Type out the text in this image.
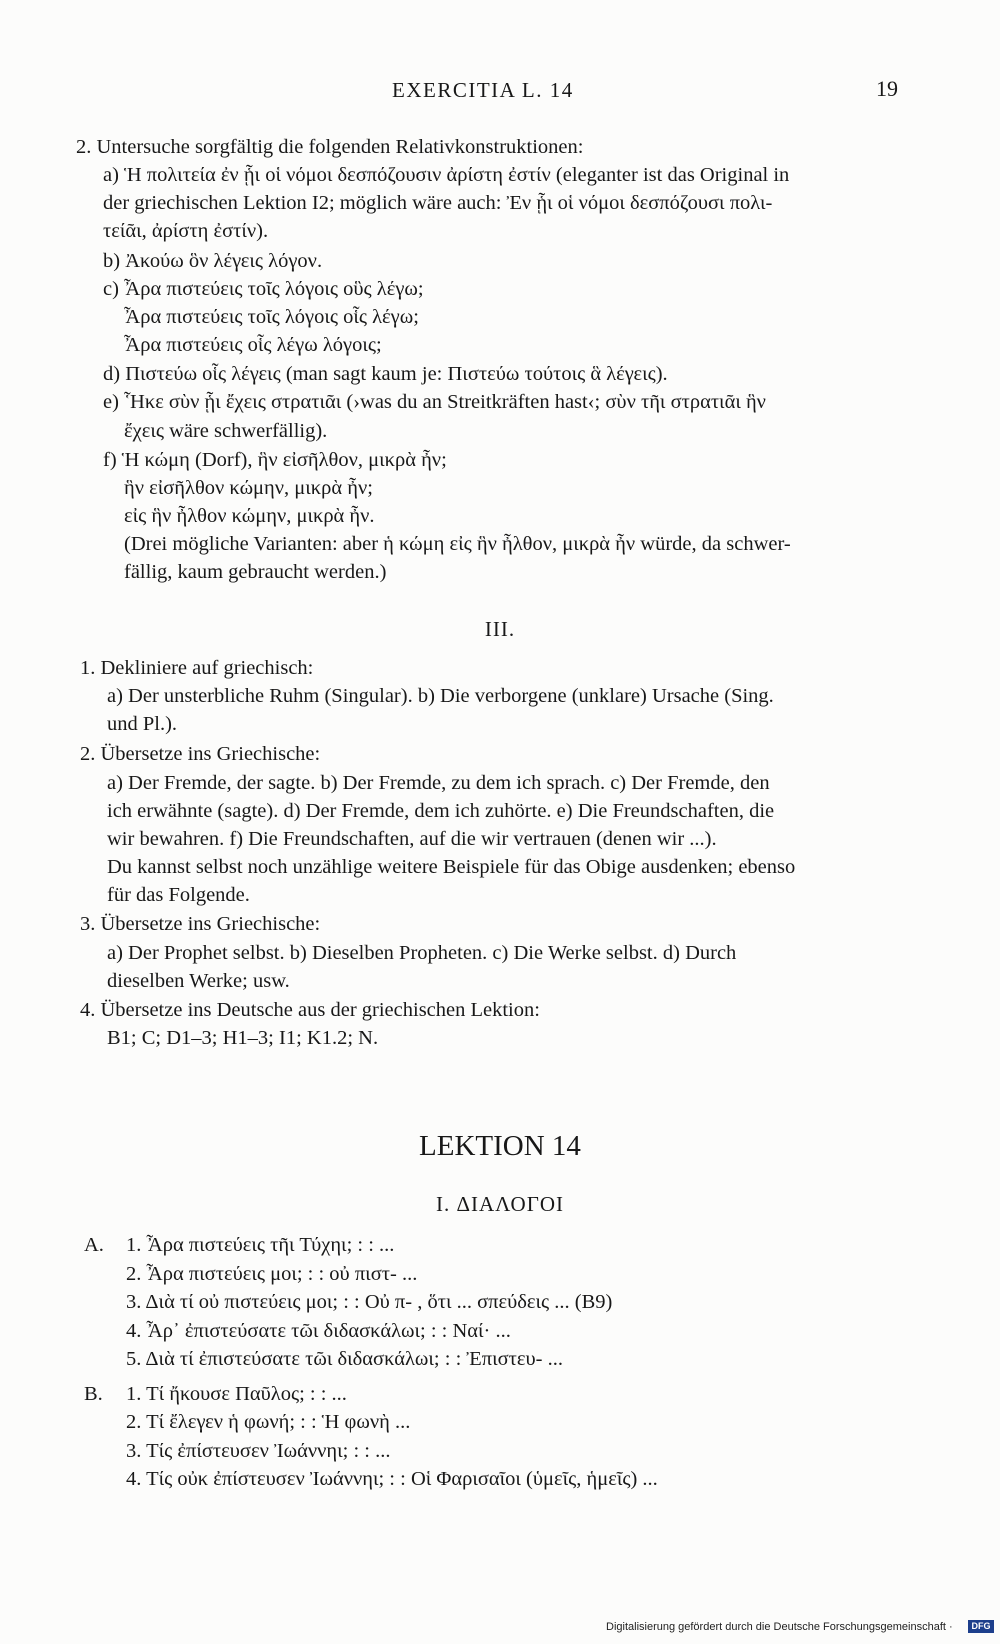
EXERCITIA L. 14	19
2. Untersuche sorgfältig die folgenden Relativkonstruktionen:
a) Ἡ πολιτεία ἐν ᾗι οἱ νόμοι δεσπόζουσιν ἀρίστη ἐστίν (eleganter ist das Original in
der griechischen Lektion I2; möglich wäre auch: Ἐν ᾗι οἱ νόμοι δεσπόζουσι πολι-
τείᾶι, ἀρίστη ἐστίν).
b) Ἀκούω ὃν λέγεις λόγον.
c) Ἆρα πιστεύεις τοῖς λόγοις οὓς λέγω;
Ἆρα πιστεύεις τοῖς λόγοις οἷς λέγω;
Ἆρα πιστεύεις οἷς λέγω λόγοις;
d) Πιστεύω οἷς λέγεις (man sagt kaum je: Πιστεύω τούτοις ἃ λέγεις).
e) Ἧκε σὺν ᾗι ἔχεις στρατιᾶι (›was du an Streitkräften hast‹; σὺν τῆι στρατιᾶι ἣν
ἔχεις wäre schwerfällig).
f) Ἡ κώμη (Dorf), ἣν εἰσῆλθον, μικρὰ ἦν;
ἣν εἰσῆλθον κώμην, μικρὰ ἦν;
εἰς ἣν ἦλθον κώμην, μικρὰ ἦν.
(Drei mögliche Varianten: aber ἡ κώμη εἰς ἣν ἦλθον, μικρὰ ἦν würde, da schwer-
fällig, kaum gebraucht werden.)
III.
1. Dekliniere auf griechisch:
a) Der unsterbliche Ruhm (Singular). b) Die verborgene (unklare) Ursache (Sing.
und Pl.).
2. Übersetze ins Griechische:
a) Der Fremde, der sagte. b) Der Fremde, zu dem ich sprach. c) Der Fremde, den
ich erwähnte (sagte). d) Der Fremde, dem ich zuhörte. e) Die Freundschaften, die
wir bewahren. f) Die Freundschaften, auf die wir vertrauen (denen wir ...).
Du kannst selbst noch unzählige weitere Beispiele für das Obige ausdenken; ebenso
für das Folgende.
3. Übersetze ins Griechische:
a) Der Prophet selbst. b) Dieselben Propheten. c) Die Werke selbst. d) Durch
dieselben Werke; usw.
4. Übersetze ins Deutsche aus der griechischen Lektion:
B1; C; D1–3; H1–3; I1; K1.2; N.
LEKTION 14
I. ΔΙΑΛΟΓΟΙ
A. 1. Ἆρα πιστεύεις τῆι Τύχηι; : : ...
2. Ἆρα πιστεύεις μοι; : : οὐ πιστ- ...
3. Διὰ τί οὐ πιστεύεις μοι; : : Οὐ π- , ὅτι ... σπεύδεις ... (B9)
4. Ἆρ᾽ ἐπιστεύσατε τῶι διδασκάλωι; : : Ναί· ...
5. Διὰ τί ἐπιστεύσατε τῶι διδασκάλωι; : : Ἐπιστευ- ...
B. 1. Τί ἤκουσε Παῦλος; : : ...
2. Τί ἔλεγεν ἡ φωνή; : : Ἡ φωνὴ ...
3. Τίς ἐπίστευσεν Ἰωάννηι; : : ...
4. Τίς οὐκ ἐπίστευσεν Ἰωάννηι; : : Οἱ Φαρισαῖοι (ὑμεῖς, ἡμεῖς) ...
Digitalisierung gefördert durch die Deutsche Forschungsgemeinschaft ·	DFG
